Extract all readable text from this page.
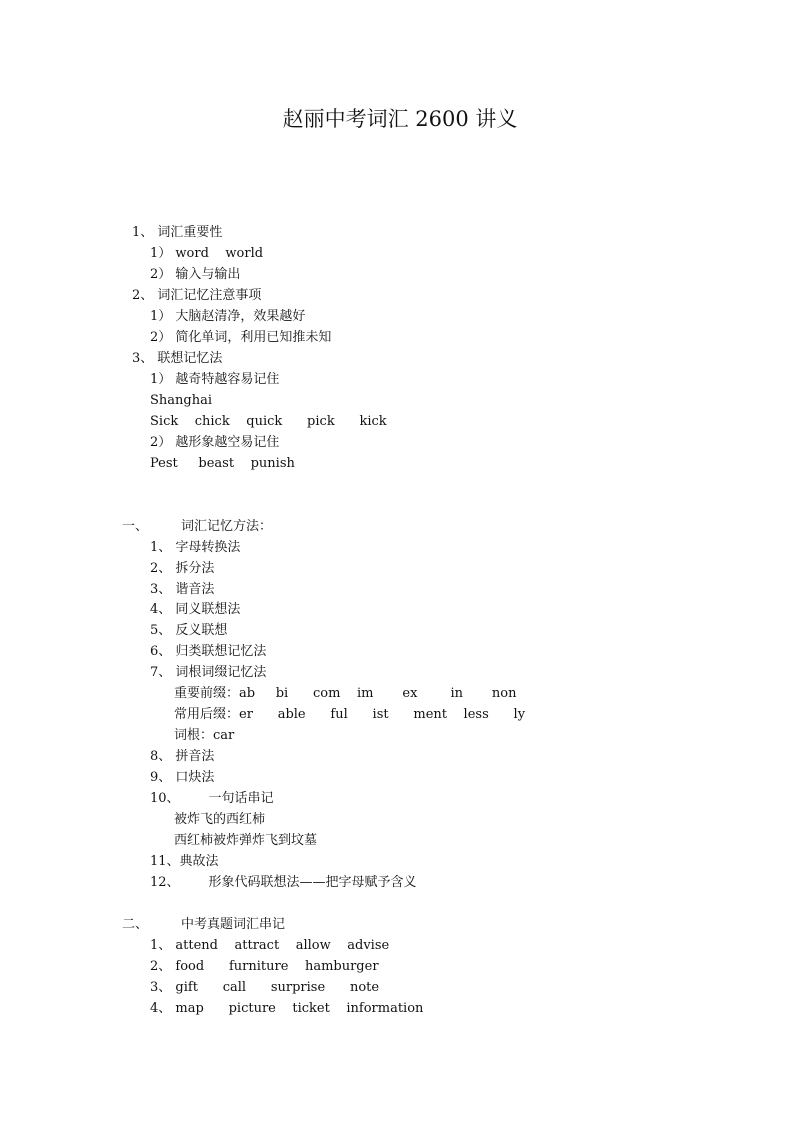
赵丽中考词汇 2600 讲义
1、 词汇重要性
1） word    world
2） 输入与输出
2、 词汇记忆注意事项
1） 大脑赵清净，效果越好
2） 简化单词，利用已知推未知
3、 联想记忆法
1） 越奇特越容易记住
Shanghai
Sick    chick    quick      pick      kick
2） 越形象越空易记住
Pest     beast    punish
一、        词汇记忆方法：
1、 字母转换法
2、 拆分法
3、 谐音法
4、 同义联想法
5、 反义联想
6、 归类联想记忆法
7、 词根词缀记忆法
重要前缀：ab     bi      com    im       ex        in       non
常用后缀：er      able      ful      ist      ment    less      ly
词根：car
8、 拼音法
9、 口炔法
10、       一句话串记
被炸飞的西红柿
西红柿被炸弹炸飞到坟墓
11、典故法
12、       形象代码联想法——把字母赋予含义
二、        中考真题词汇串记
1、 attend    attract    allow    advise
2、 food      furniture    hamburger
3、 gift      call      surprise      note
4、 map      picture    ticket    information
